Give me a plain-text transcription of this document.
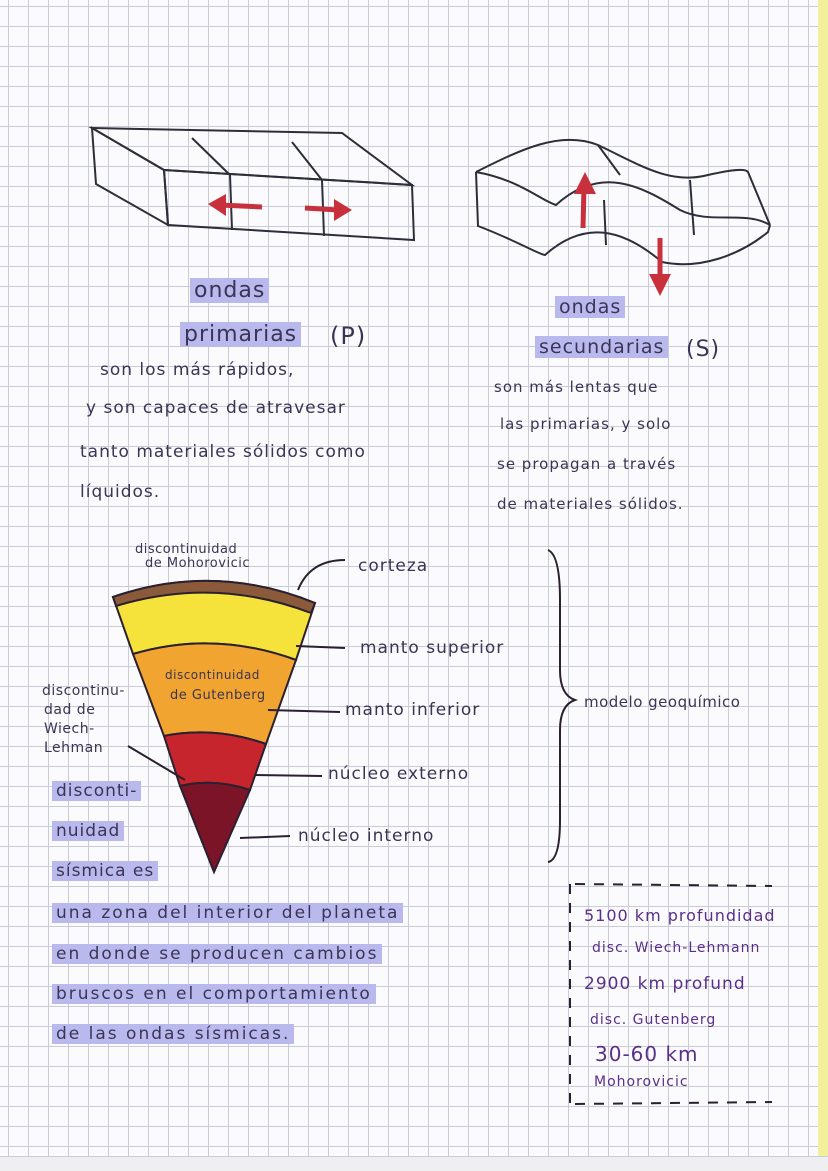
ondas
primarias (P)
son los más rápidos,
y son capaces de atravesar
tanto materiales sólidos como
líquidos.
ondas
secundarias (S)
son más lentas que
las primarias, y solo
se propagan a través
de materiales sólidos.
discontinuidad
de Mohorovicic
discontinu-
dad de
Wiech-
Lehman
discontinuidad
de Gutenberg
corteza
manto superior
manto inferior
núcleo externo
núcleo interno
modelo geoquímico
disconti-
nuidad
sísmica es
una zona del interior del planeta
en donde se producen cambios
bruscos en el comportamiento
de las ondas sísmicas.
5100 km profundidad
disc. Wiech-Lehmann
2900 km profund
disc. Gutenberg
30-60 km
Mohorovicic
